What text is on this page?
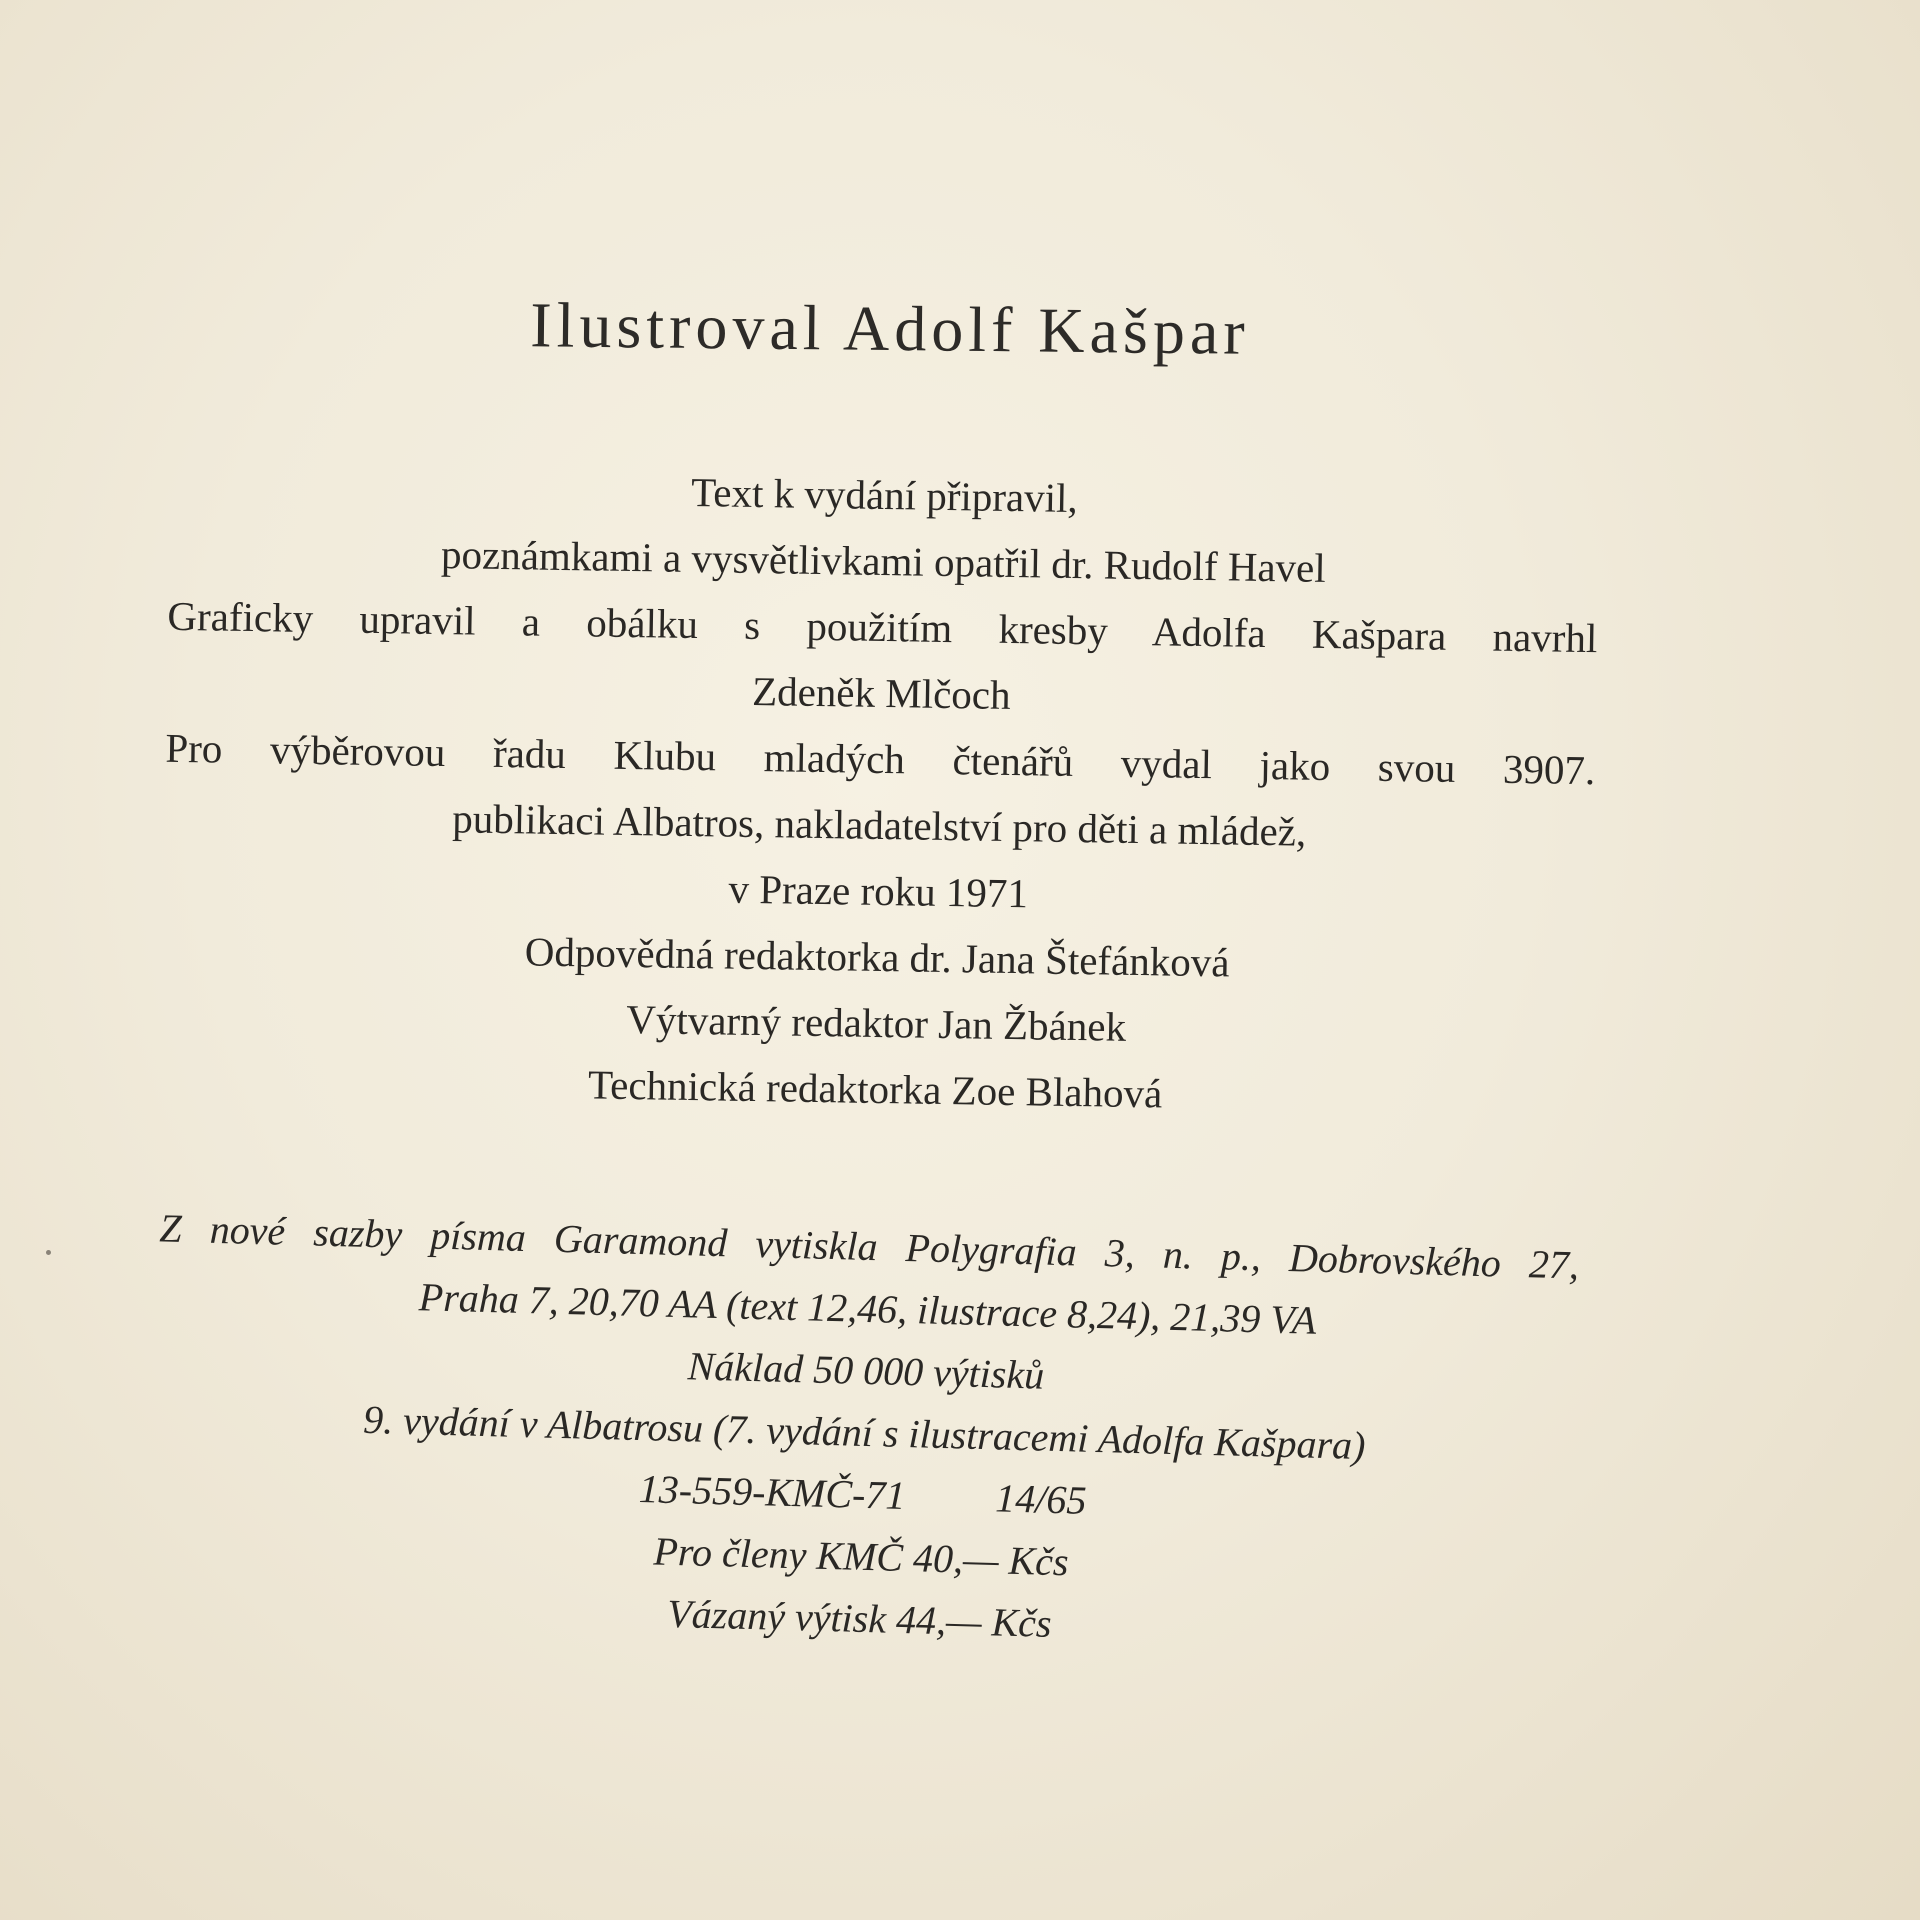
Ilustroval Adolf Kašpar
Text k vydání připravil,
poznámkami a vysvětlivkami opatřil dr. Rudolf Havel
Graficky upravil a obálku s použitím kresby Adolfa Kašpara navrhl
Zdeněk Mlčoch
Pro výběrovou řadu Klubu mladých čtenářů vydal jako svou 3907.
publikaci Albatros, nakladatelství pro děti a mládež,
v Praze roku 1971
Odpovědná redaktorka dr. Jana Štefánková
Výtvarný redaktor Jan Žbánek
Technická redaktorka Zoe Blahová
Z nové sazby písma Garamond vytiskla Polygrafia 3, n. p., Dobrovského 27,
Praha 7, 20,70 AA (text 12,46, ilustrace 8,24), 21,39 VA
Náklad 50 000 výtisků
9. vydání v Albatrosu (7. vydání s ilustracemi Adolfa Kašpara)
13-559-KMČ-71 14/65
Pro členy KMČ 40,— Kčs
Vázaný výtisk 44,— Kčs
